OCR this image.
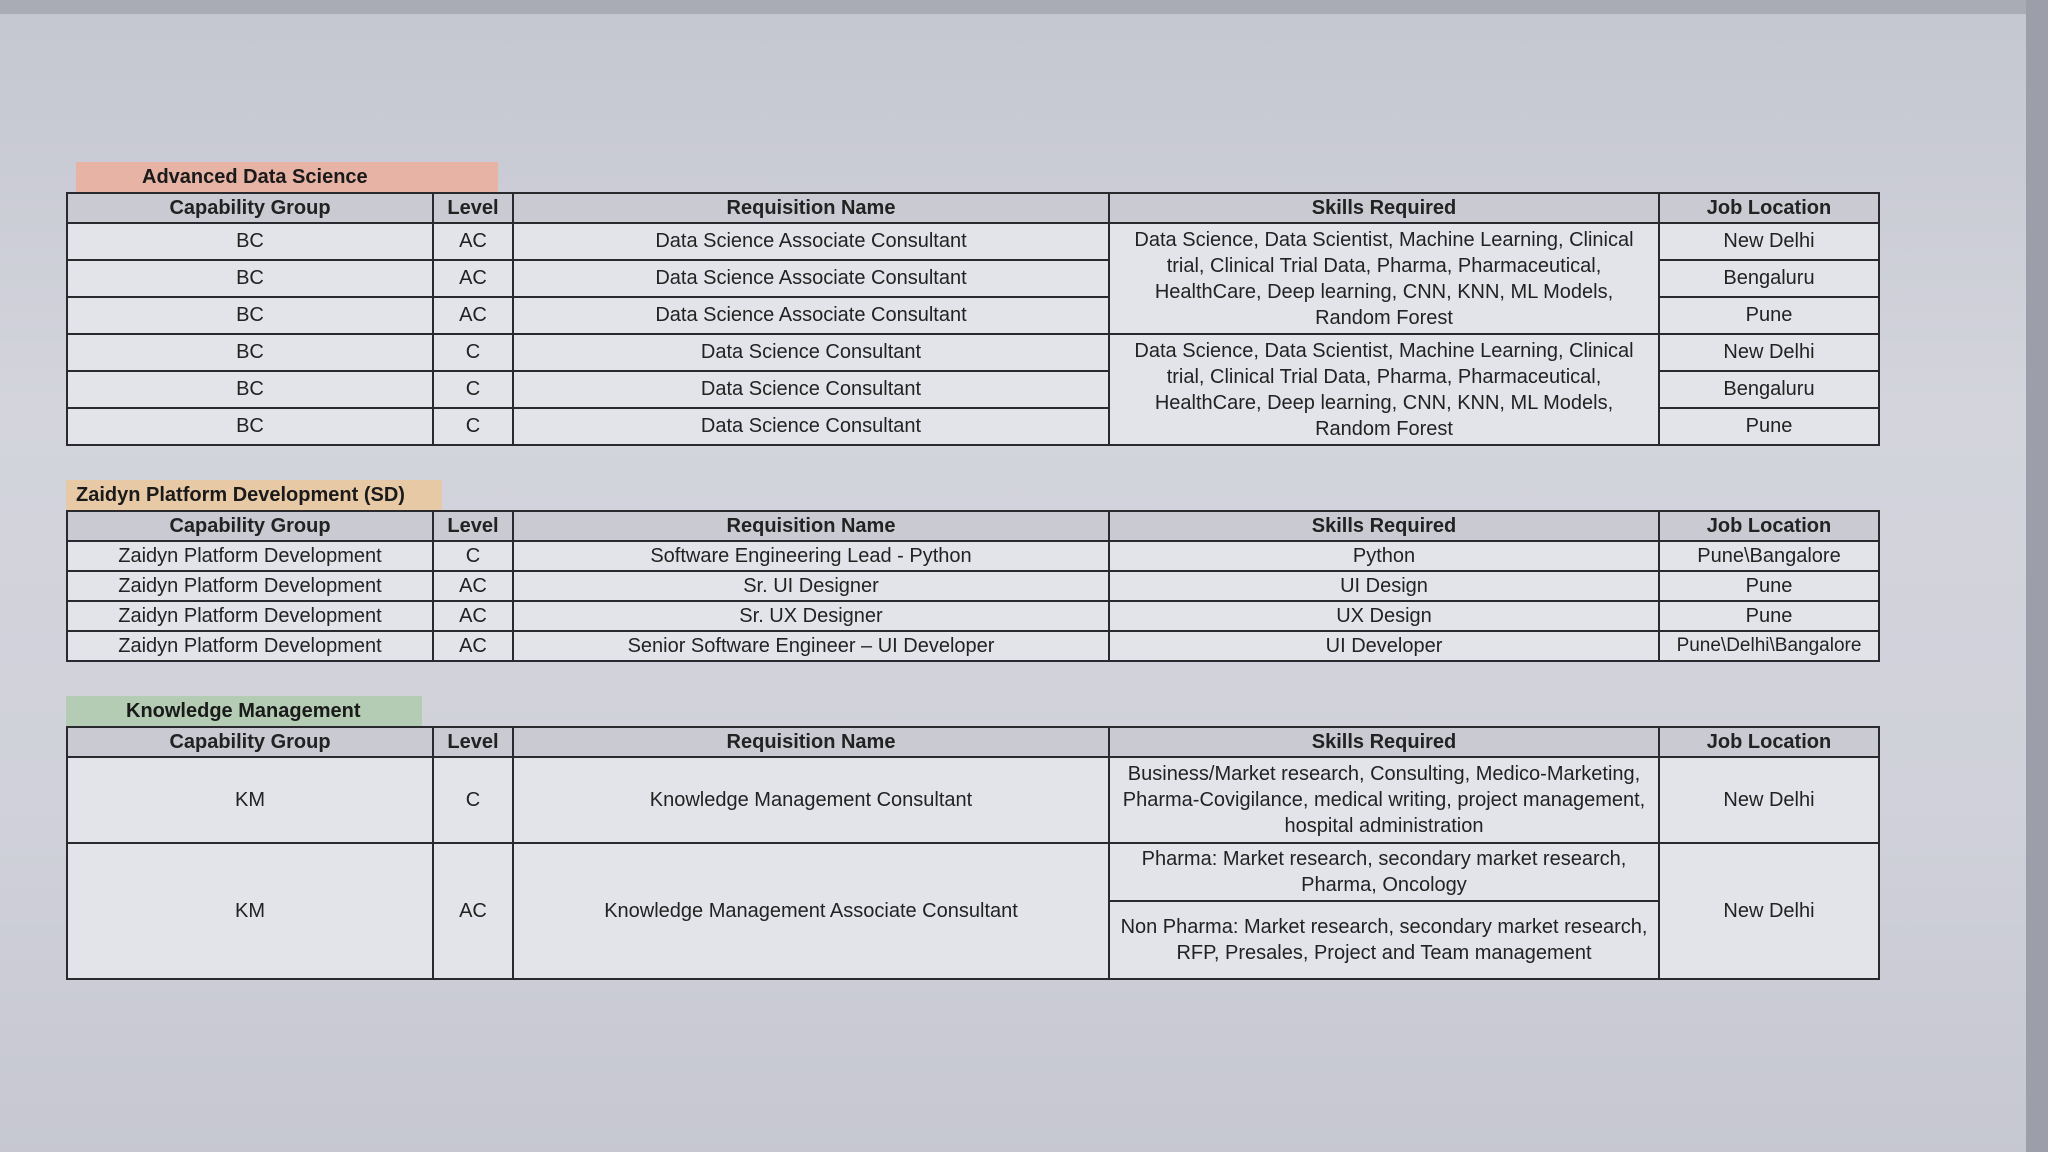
Advanced Data Science
Capability Group	Level	Requisition Name	Skills Required	Job Location
BC	AC	Data Science Associate Consultant	Data Science, Data Scientist, Machine Learning, Clinical trial, Clinical Trial Data, Pharma, Pharmaceutical, HealthCare, Deep learning, CNN, KNN, ML Models, Random Forest	New Delhi
BC	AC	Data Science Associate Consultant		Bengaluru
BC	AC	Data Science Associate Consultant		Pune
BC	C	Data Science Consultant	Data Science, Data Scientist, Machine Learning, Clinical trial, Clinical Trial Data, Pharma, Pharmaceutical, HealthCare, Deep learning, CNN, KNN, ML Models, Random Forest	New Delhi
BC	C	Data Science Consultant		Bengaluru
BC	C	Data Science Consultant		Pune
Zaidyn Platform Development (SD)
Capability Group	Level	Requisition Name	Skills Required	Job Location
Zaidyn Platform Development	C	Software Engineering Lead - Python	Python	Pune\Bangalore
Zaidyn Platform Development	AC	Sr. UI Designer	UI Design	Pune
Zaidyn Platform Development	AC	Sr. UX Designer	UX Design	Pune
Zaidyn Platform Development	AC	Senior Software Engineer – UI Developer	UI Developer	Pune\Delhi\Bangalore
Knowledge Management
Capability Group	Level	Requisition Name	Skills Required	Job Location
KM	C	Knowledge Management Consultant	Business/Market research, Consulting, Medico-Marketing, Pharma-Covigilance, medical writing, project management, hospital administration	New Delhi
KM	AC	Knowledge Management Associate Consultant	Pharma: Market research, secondary market research, Pharma, Oncology	New Delhi
			Non Pharma: Market research, secondary market research, RFP, Presales, Project and Team management	
